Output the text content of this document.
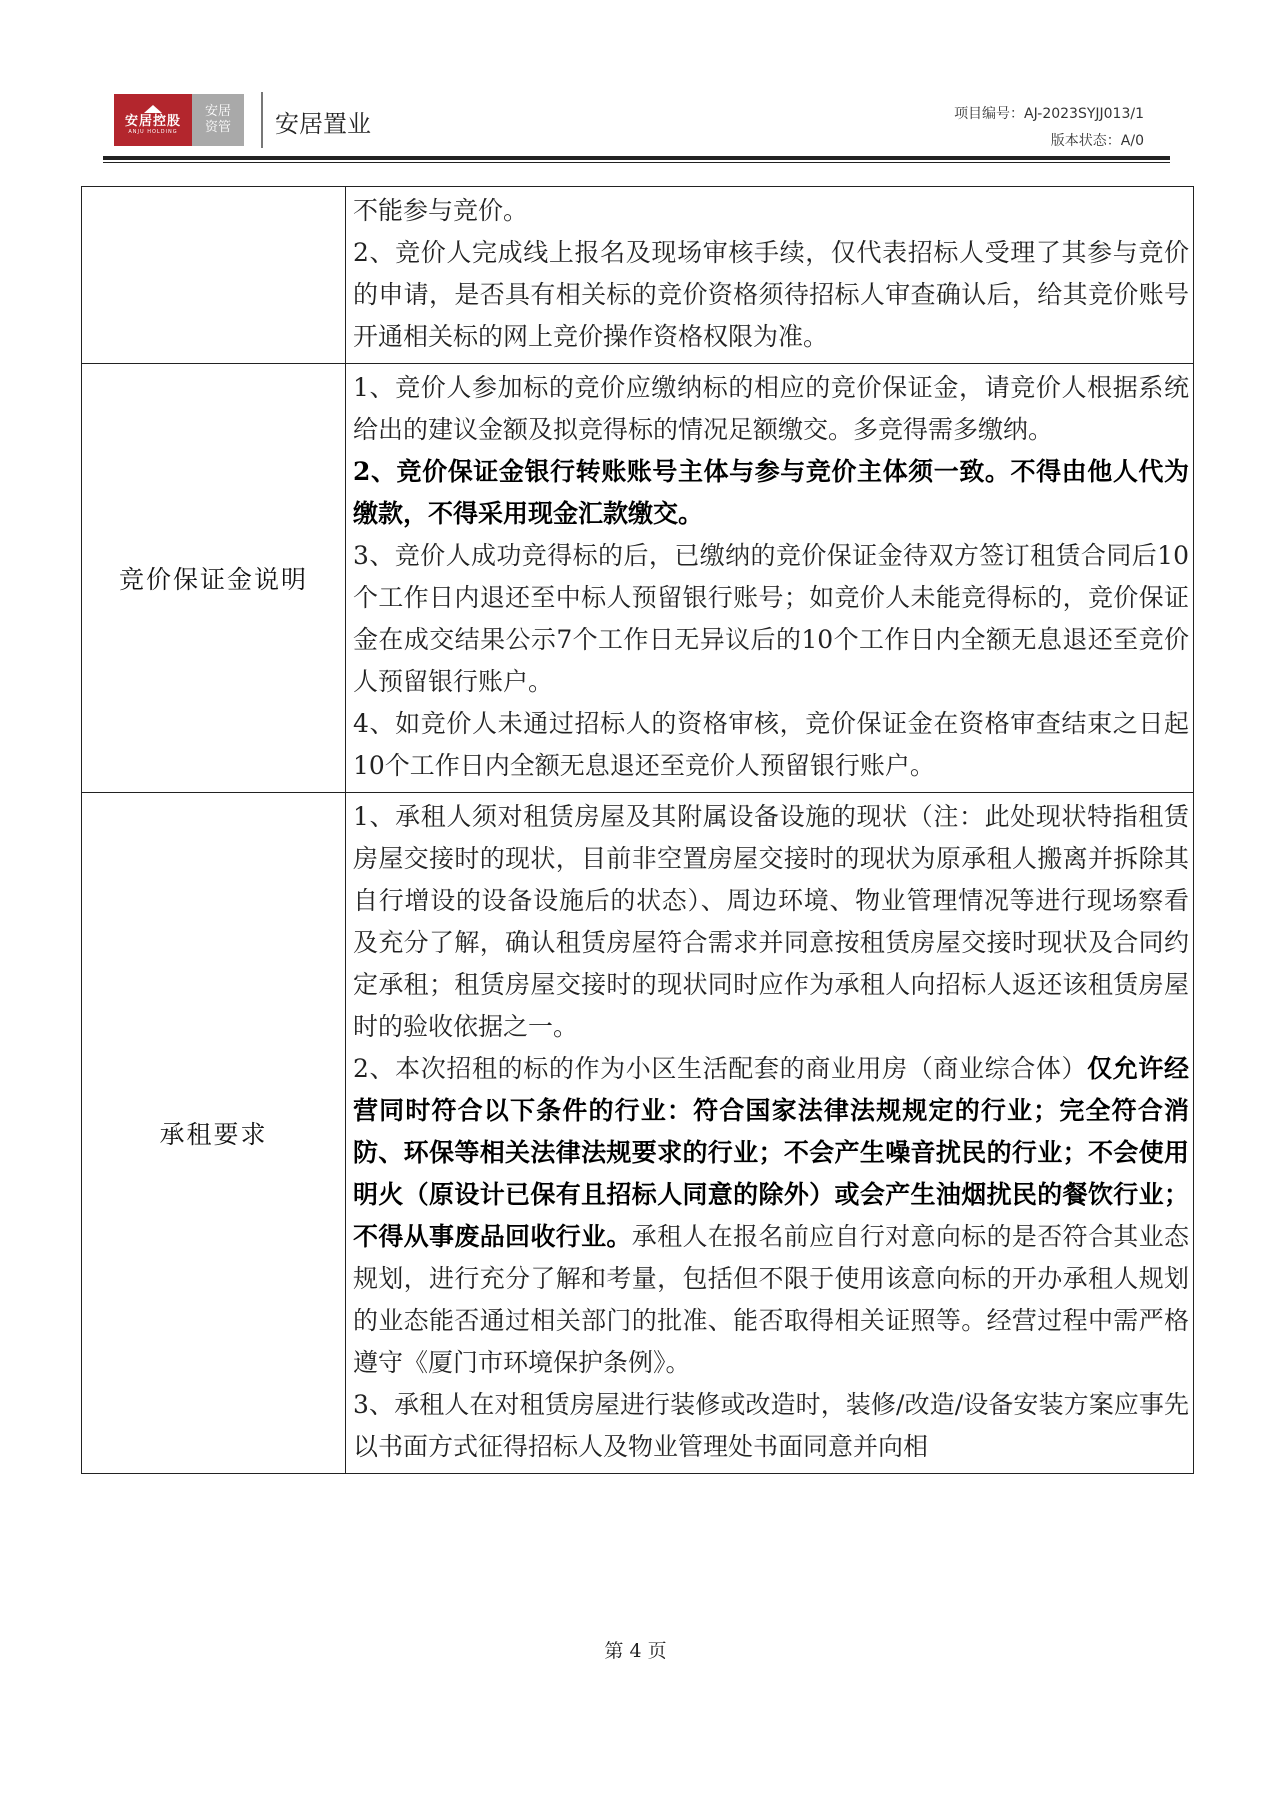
安居控股
ANJU HOLDING
安居
资管 安居置业	项目编号：AJ-2023SYJJ013/1
版本状态：A/0

	不能参与竞价。
2、竞价人完成线上报名及现场审核手续，仅代表招标人受理了其参与竞价的申请，是否具有相关标的竞价资格须待招标人审查确认后，给其竞价账号开通相关标的网上竞价操作资格权限为准。

竞价保证金说明	1、竞价人参加标的竞价应缴纳标的相应的竞价保证金，请竞价人根据系统给出的建议金额及拟竞得标的情况足额缴交。多竞得需多缴纳。
2、竞价保证金银行转账账号主体与参与竞价主体须一致。不得由他人代为缴款，不得采用现金汇款缴交。
3、竞价人成功竞得标的后，已缴纳的竞价保证金待双方签订租赁合同后10个工作日内退还至中标人预留银行账号；如竞价人未能竞得标的，竞价保证金在成交结果公示7个工作日无异议后的10个工作日内全额无息退还至竞价人预留银行账户。
4、如竞价人未通过招标人的资格审核，竞价保证金在资格审查结束之日起10个工作日内全额无息退还至竞价人预留银行账户。

承租要求	1、承租人须对租赁房屋及其附属设备设施的现状（注：此处现状特指租赁房屋交接时的现状，目前非空置房屋交接时的现状为原承租人搬离并拆除其自行增设的设备设施后的状态）、周边环境、物业管理情况等进行现场察看及充分了解，确认租赁房屋符合需求并同意按租赁房屋交接时现状及合同约定承租；租赁房屋交接时的现状同时应作为承租人向招标人返还该租赁房屋时的验收依据之一。
2、本次招租的标的作为小区生活配套的商业用房（商业综合体）仅允许经营同时符合以下条件的行业：符合国家法律法规规定的行业；完全符合消防、环保等相关法律法规要求的行业；不会产生噪音扰民的行业；不会使用明火（原设计已保有且招标人同意的除外）或会产生油烟扰民的餐饮行业；不得从事废品回收行业。承租人在报名前应自行对意向标的是否符合其业态规划，进行充分了解和考量，包括但不限于使用该意向标的开办承租人规划的业态能否通过相关部门的批准、能否取得相关证照等。经营过程中需严格遵守《厦门市环境保护条例》。
3、承租人在对租赁房屋进行装修或改造时，装修/改造/设备安装方案应事先以书面方式征得招标人及物业管理处书面同意并向相
第 4 页
